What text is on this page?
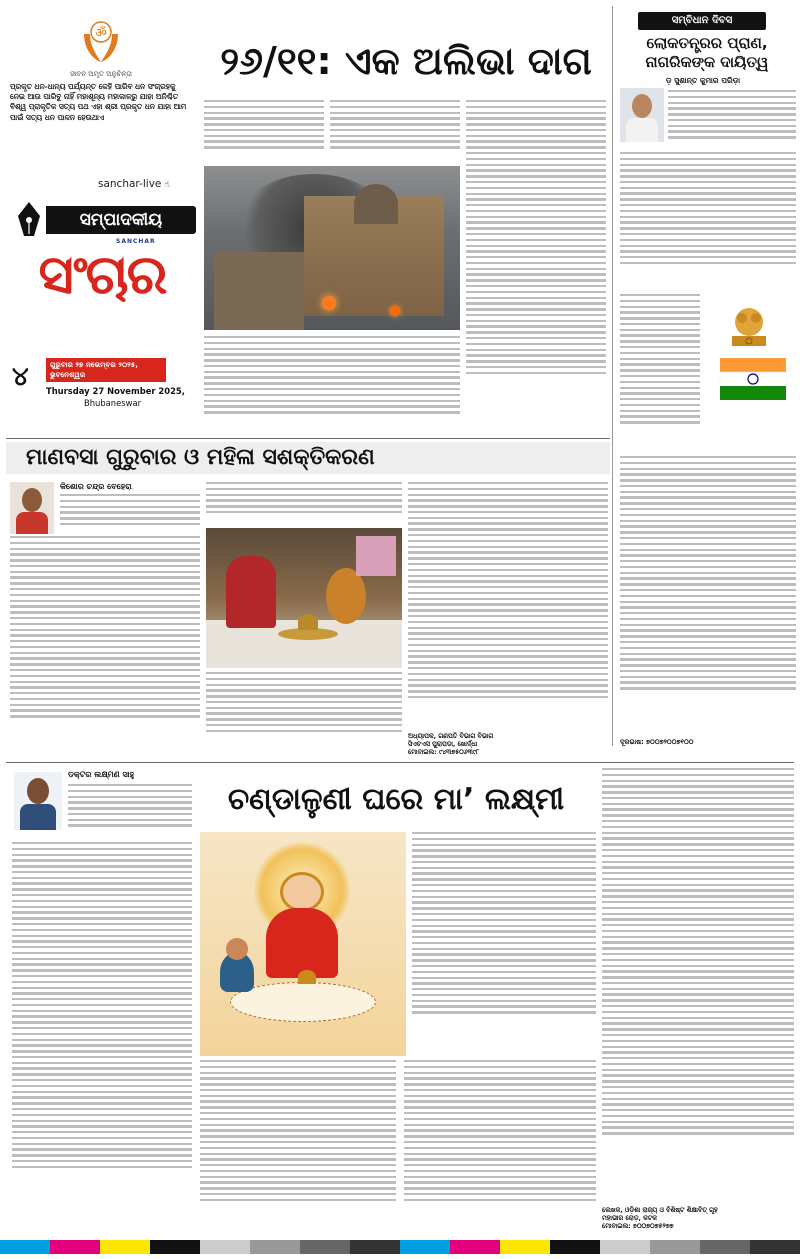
ॐ
ଜୀବନ ଅମୃତ ଅନୁଚିନ୍ତା
ପ୍ରକୃତ ଧନ-ଧାନ୍ୟ ପର୍ଯ୍ୟନ୍ତ କେହି ପାରିବ ଧନ ସଂଗ୍ରହକୁ ନେଇ ଆଉ ପାରିବୁ ନାହିଁ ମହାଶୂନ୍ୟ ମହାକାଳରୁ ଯାହା ଅନିଶ୍ଚିତ ବିଶ୍ୱ ପ୍ରାକୃତିକ ସତ୍ୟ ପଥ ଏହା ଶ୍ରୀ ପ୍ରକୃତ ଧନ ଯାହା ଆମ ପାଇଁ ସତ୍ୟ ଧନ ପାଳନ ହେଉଥାଏ
sanchar-live ☝
ସମ୍ପାଦକୀୟ
SANCHAR
ସଂଚାର
୪	ଗୁରୁବାର ୨୭ ନଭେମ୍ବର ୨୦୨୫, ଭୁବନେଶ୍ୱର
Thursday 27 November 2025,
Bhubaneswar
୨୬/୧୧: ଏକ ଅଲିଭା ଦାଗ
ସମ୍ବିଧାନ ଦିବସ
ଲୋକତନ୍ତ୍ରର ପ୍ରାଣ, ନାଗରିକଙ୍କ ଦାୟିତ୍ୱ
ଡ଼ ସୁଶାନ୍ତ କୁମାର ପରିଡ଼ା
ଦୂରଭାଷ: ୭୦୦୭୨୦୦୭୧୦୦
ମାଣବସା ଗୁରୁବାର ଓ ମହିଳା ସଶକ୍ତିକରଣ
କିଶୋର ଚନ୍ଦ୍ର ବେହେରା
ଅଧ୍ୟାପକ, ଗଣପତି ବିଭାଗ ବିଭାଗ
ସିଏଚଏସ ପୁରାପଡା, ଖୋର୍ଦ୍ଧା
ମୋବାଇଲ: ୯୪୩୭୫୦୬୩୯୮
ଡକ୍ଟର ଲକ୍ଷ୍ମଣ ସାହୁ
ଚଣ୍ଡାଳୁଣୀ ଘରେ ମା’ ଲକ୍ଷ୍ମୀ
ଲେଖକ, ଓଡ଼ିଶା ରାଜ୍ୟ ଓ ବିଶିଷ୍ଟ ଶିକ୍ଷାବିତ୍ ଗୃହ
ମହାଭୀର ରୋଡ଼, କଟକ
ମୋବାଇଲ: ୭୦୦୭୦୭୫୨୭୭
